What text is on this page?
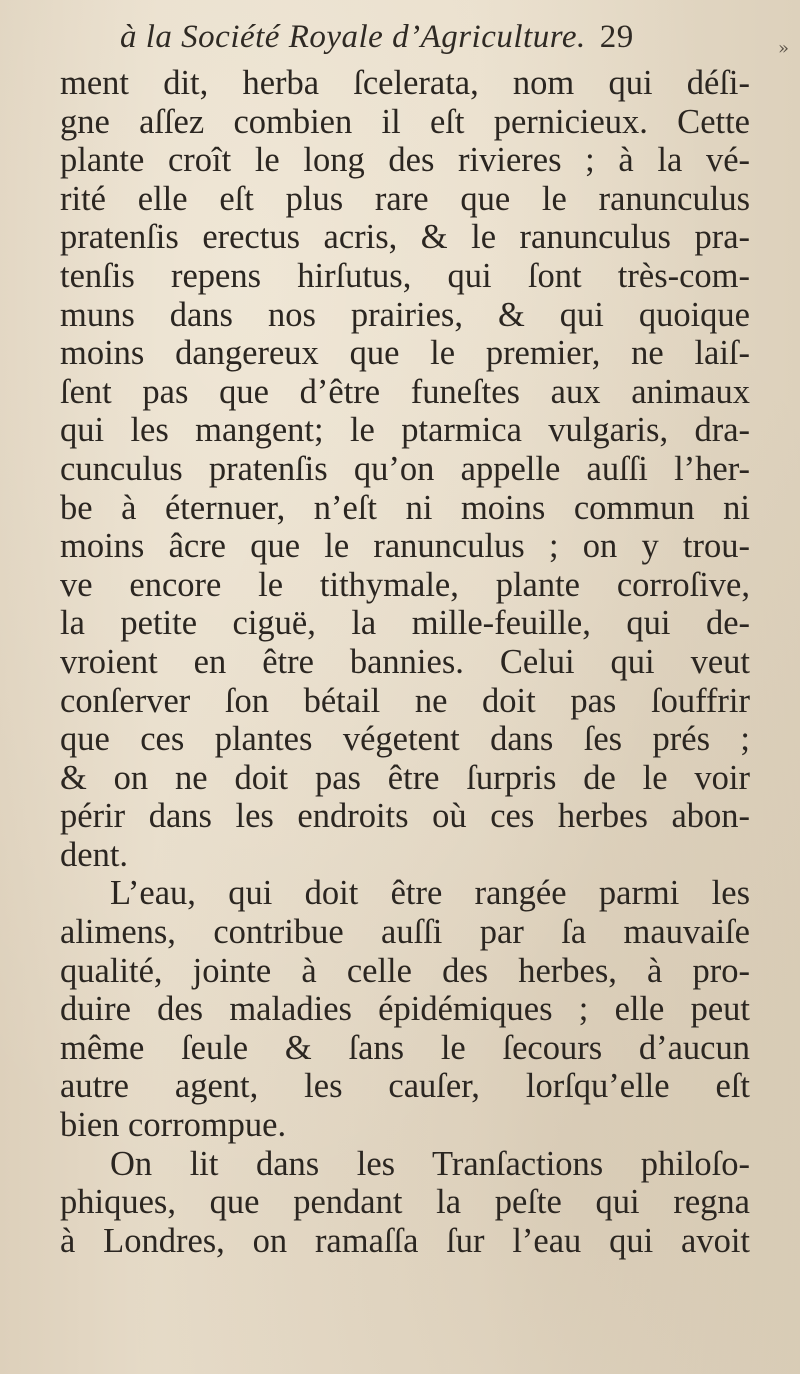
à la Société Royale d’Agriculture. 29
ment dit, herba ſcelerata, nom qui déſi-
gne aſſez combien il eſt pernicieux. Cette
plante croît le long des rivieres ; à la vé-
rité elle eſt plus rare que le ranunculus
pratenſis erectus acris, & le ranunculus pra-
tenſis repens hirſutus, qui ſont très-com-
muns dans nos prairies, & qui quoique
moins dangereux que le premier, ne laiſ-
ſent pas que d’être funeſtes aux animaux
qui les mangent; le ptarmica vulgaris, dra-
cunculus pratenſis qu’on appelle auſſi l’her-
be à éternuer, n’eſt ni moins commun ni
moins âcre que le ranunculus ; on y trou-
ve encore le tithymale, plante corroſive,
la petite ciguë, la mille-feuille, qui de-
vroient en être bannies. Celui qui veut
conſerver ſon bétail ne doit pas ſouffrir
que ces plantes végetent dans ſes prés ;
& on ne doit pas être ſurpris de le voir
périr dans les endroits où ces herbes abon-
dent.
L’eau, qui doit être rangée parmi les
alimens, contribue auſſi par ſa mauvaiſe
qualité, jointe à celle des herbes, à pro-
duire des maladies épidémiques ; elle peut
même ſeule & ſans le ſecours d’aucun
autre agent, les cauſer, lorſqu’elle eſt
bien corrompue.
On lit dans les Tranſactions philoſo-
phiques, que pendant la peſte qui regna
à Londres, on ramaſſa ſur l’eau qui avoit
»
